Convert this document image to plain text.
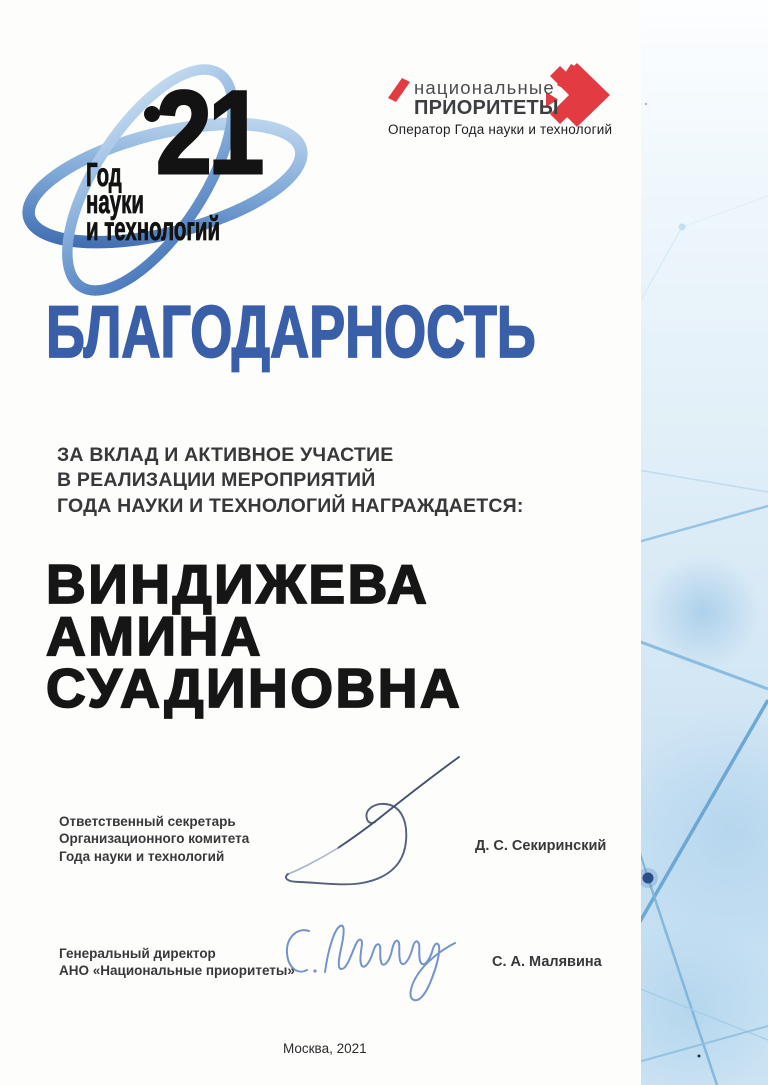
21
Год
науки
и технологий
национальные
ПРИОРИТЕТЫ
Оператор Года науки и технологий
БЛАГОДАРНОСТЬ
ЗА ВКЛАД И АКТИВНОЕ УЧАСТИЕ
В РЕАЛИЗАЦИИ МЕРОПРИЯТИЙ
ГОДА НАУКИ И ТЕХНОЛОГИЙ НАГРАЖДАЕТСЯ:
ВИНДИЖЕВА
АМИНА
СУАДИНОВНА
Ответственный секретарь
Организационного комитета
Года науки и технологий
Д. С. Секиринский
Генеральный директор
АНО «Национальные приоритеты»
С. А. Малявина
Москва, 2021
